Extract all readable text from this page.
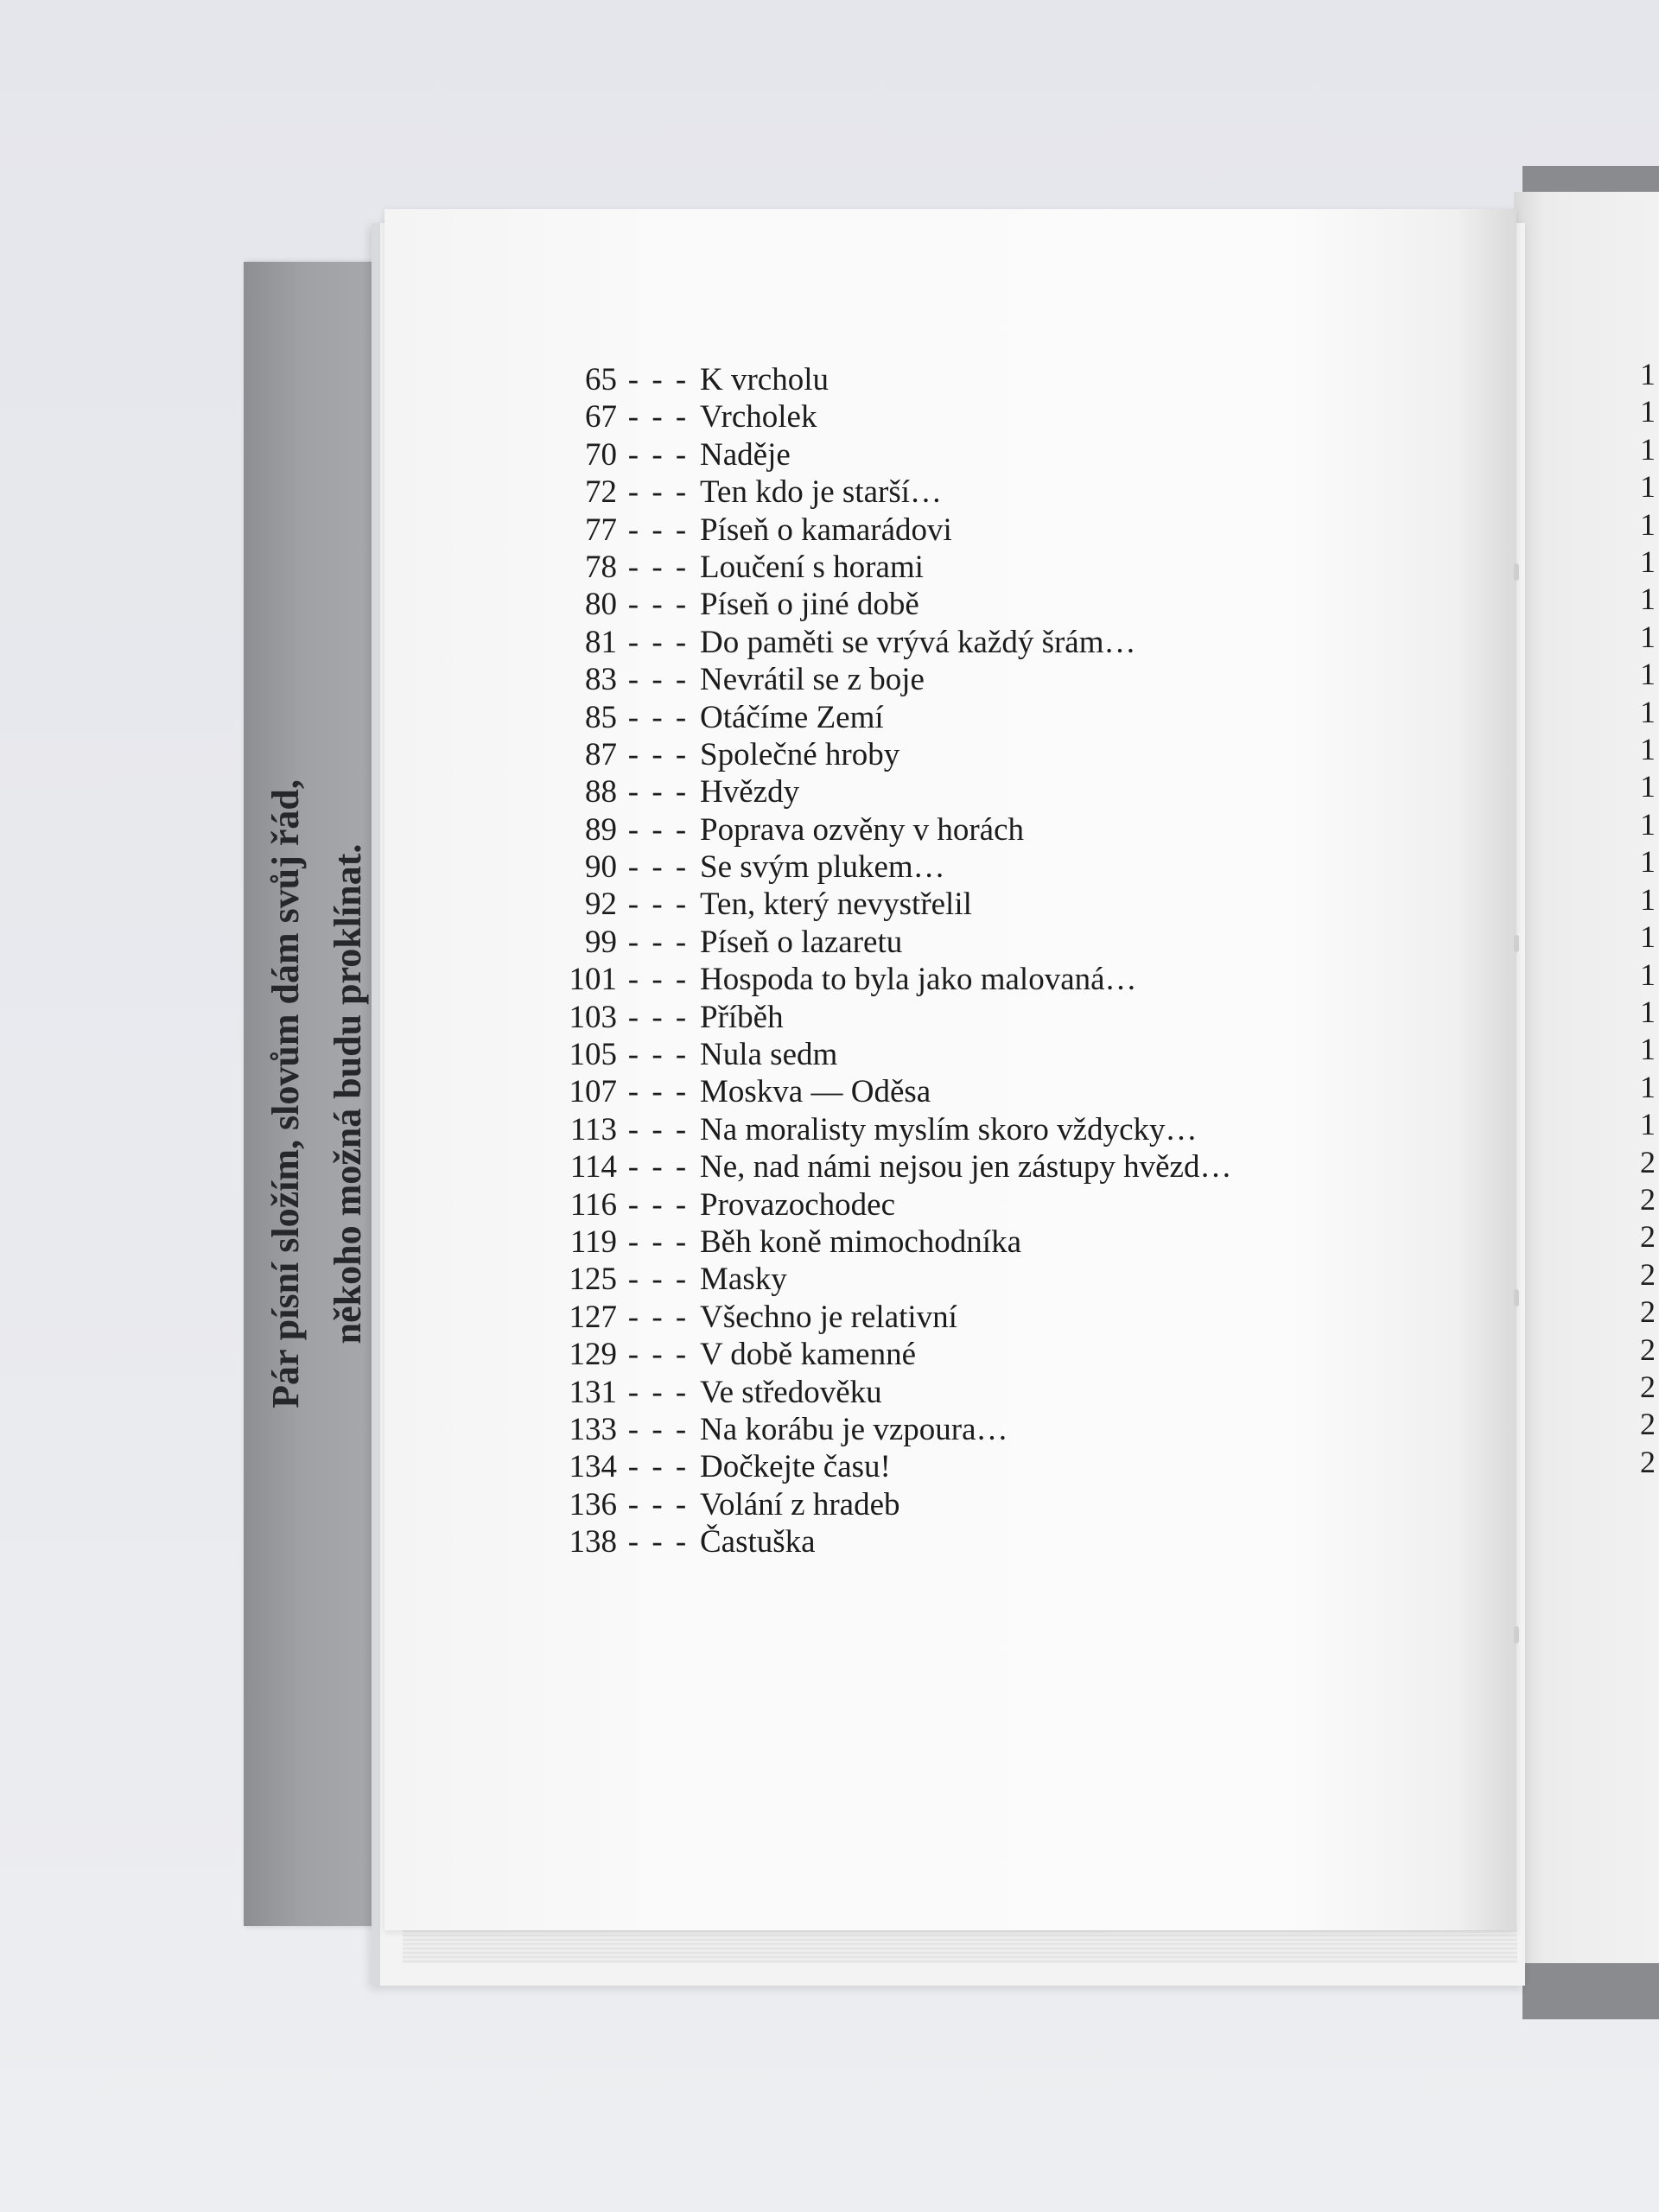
1
1
1
1
1
1
1
1
1
1
1
1
1
1
1
1
1
1
1
1
1
2
2
2
2
2
2
2
2
2
Pár písní složím, slovům dám svůj řád, někoho možná budu proklínat.
65 - - - K vrcholu
67 - - - Vrcholek
70 - - - Naděje
72 - - - Ten kdo je starší…
77 - - - Píseň o kamarádovi
78 - - - Loučení s horami
80 - - - Píseň o jiné době
81 - - - Do paměti se vrývá každý šrám…
83 - - - Nevrátil se z boje
85 - - - Otáčíme Zemí
87 - - - Společné hroby
88 - - - Hvězdy
89 - - - Poprava ozvěny v horách
90 - - - Se svým plukem…
92 - - - Ten, který nevystřelil
99 - - - Píseň o lazaretu
101 - - - Hospoda to byla jako malovaná…
103 - - - Příběh
105 - - - Nula sedm
107 - - - Moskva — Oděsa
113 - - - Na moralisty myslím skoro vždycky…
114 - - - Ne, nad námi nejsou jen zástupy hvězd…
116 - - - Provazochodec
119 - - - Běh koně mimochodníka
125 - - - Masky
127 - - - Všechno je relativní
129 - - - V době kamenné
131 - - - Ve středověku
133 - - - Na korábu je vzpoura…
134 - - - Dočkejte času!
136 - - - Volání z hradeb
138 - - - Častuška
